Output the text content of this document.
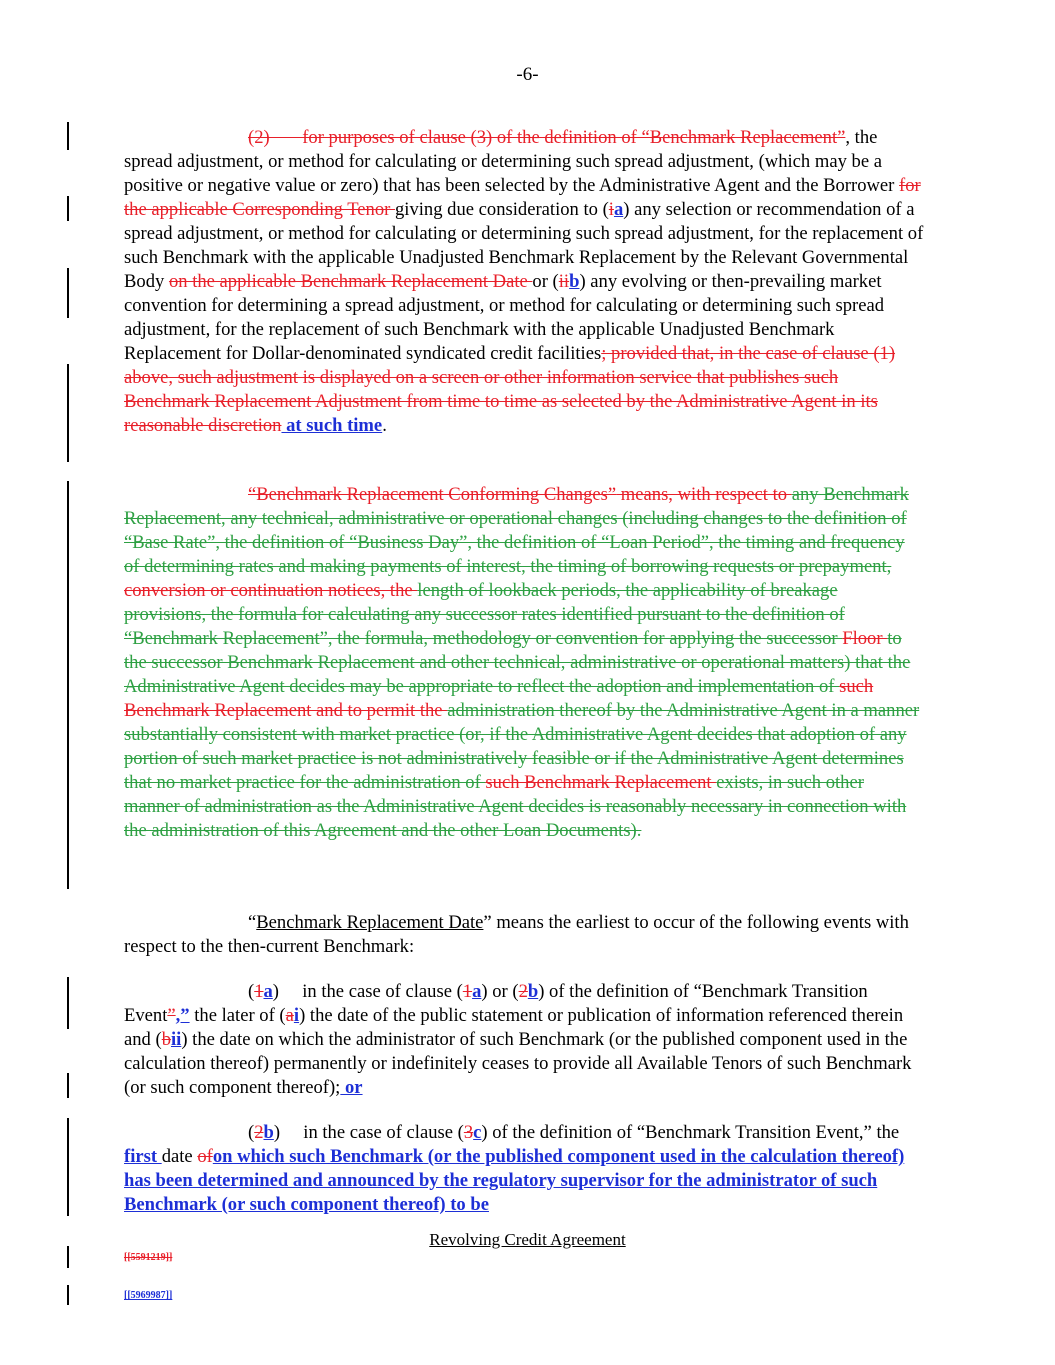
-6-
(2)       for purposes of clause (3) of the definition of “Benchmark Replacement”, the spread adjustment, or method for calculating or determining such spread adjustment, (which may be a positive or negative value or zero) that has been selected by the Administrative Agent and the Borrower for the applicable Corresponding Tenor giving due consideration to (ia) any selection or recommendation of a spread adjustment, or method for calculating or determining such spread adjustment, for the replacement of such Benchmark with the applicable Unadjusted Benchmark Replacement by the Relevant Governmental Body on the applicable Benchmark Replacement Date or (iib) any evolving or then-prevailing market convention for determining a spread adjustment, or method for calculating or determining such spread adjustment, for the replacement of such Benchmark with the applicable Unadjusted Benchmark Replacement for Dollar-denominated syndicated credit facilities; provided that, in the case of clause (1) above, such adjustment is displayed on a screen or other information service that publishes such Benchmark Replacement Adjustment from time to time as selected by the Administrative Agent in its reasonable discretion at such time.
“Benchmark Replacement Conforming Changes” means, with respect to any Benchmark Replacement, any technical, administrative or operational changes (including changes to the definition of “Base Rate”, the definition of “Business Day”, the definition of “Loan Period”, the timing and frequency of determining rates and making payments of interest, the timing of borrowing requests or prepayment, conversion or continuation notices, the length of lookback periods, the applicability of breakage provisions, the formula for calculating any successor rates identified pursuant to the definition of “Benchmark Replacement”, the formula, methodology or convention for applying the successor Floor to the successor Benchmark Replacement and other technical, administrative or operational matters) that the Administrative Agent decides may be appropriate to reflect the adoption and implementation of such Benchmark Replacement and to permit the administration thereof by the Administrative Agent in a manner substantially consistent with market practice (or, if the Administrative Agent decides that adoption of any portion of such market practice is not administratively feasible or if the Administrative Agent determines that no market practice for the administration of such Benchmark Replacement exists, in such other manner of administration as the Administrative Agent decides is reasonably necessary in connection with the administration of this Agreement and the other Loan Documents).
“Benchmark Replacement Date” means the earliest to occur of the following events with respect to the then-current Benchmark:
(1a)     in the case of clause (1a) or (2b) of the definition of “Benchmark Transition Event”,” the later of (ai) the date of the public statement or publication of information referenced therein and (bii) the date on which the administrator of such Benchmark (or the published component used in the calculation thereof) permanently or indefinitely ceases to provide all Available Tenors of such Benchmark (or such component thereof); or
(2b)     in the case of clause (3c) of the definition of “Benchmark Transition Event,” the first date ofon which such Benchmark (or the published component used in the calculation thereof) has been determined and announced by the regulatory supervisor for the administrator of such Benchmark (or such component thereof) to be
Revolving Credit Agreement
[[5591219]]
[[5969987]]
